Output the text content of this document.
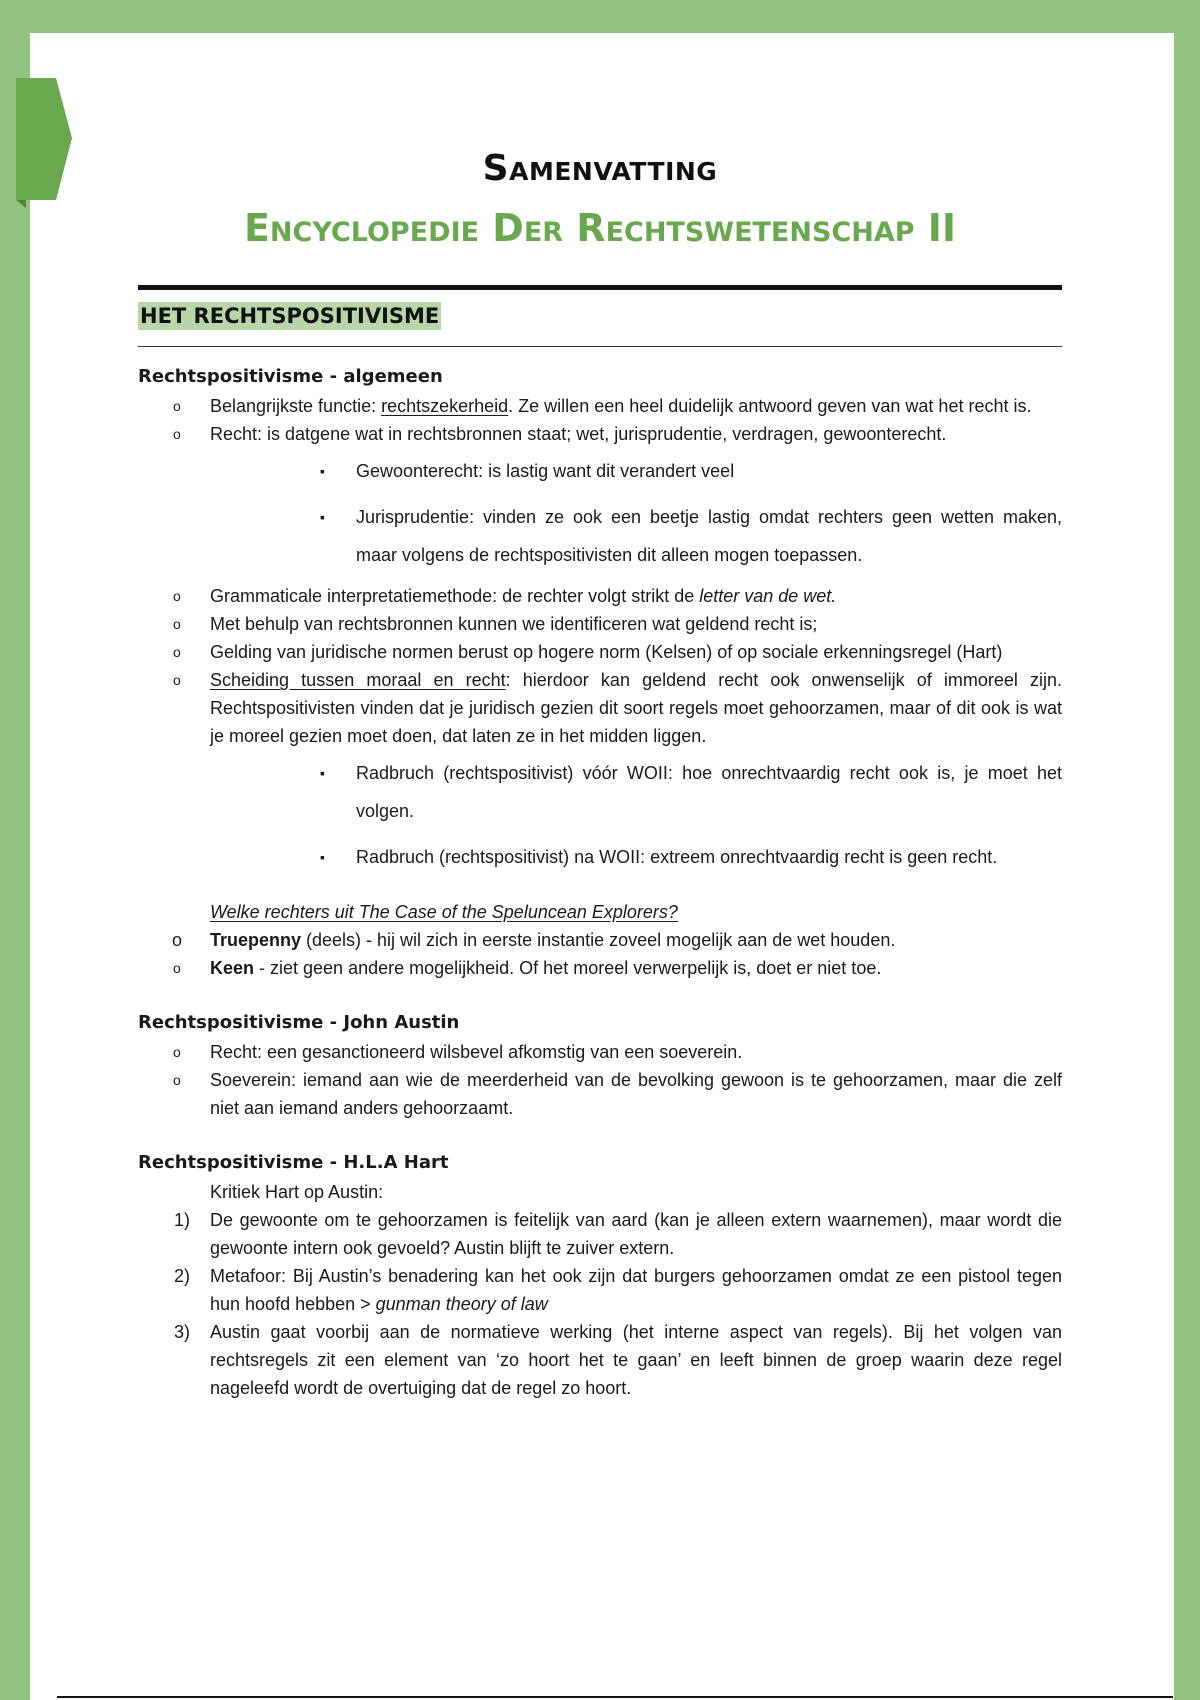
Samenvatting
Encyclopedie Der Rechtswetenschap II
HET RECHTSPOSITIVISME

Rechtspositivisme - algemeen

o Belangrijkste functie: rechtszekerheid. Ze willen een heel duidelijk antwoord geven van wat het recht is.
o Recht: is datgene wat in rechtsbronnen staat; wet, jurisprudentie, verdragen, gewoonterecht.
▪ Gewoonterecht: is lastig want dit verandert veel
▪ Jurisprudentie: vinden ze ook een beetje lastig omdat rechters geen wetten maken, maar volgens de rechtspositivisten dit alleen mogen toepassen.
o Grammaticale interpretatiemethode: de rechter volgt strikt de letter van de wet.
o Met behulp van rechtsbronnen kunnen we identificeren wat geldend recht is;
o Gelding van juridische normen berust op hogere norm (Kelsen) of op sociale erkenningsregel (Hart)
o Scheiding tussen moraal en recht: hierdoor kan geldend recht ook onwenselijk of immoreel zijn. Rechtspositivisten vinden dat je juridisch gezien dit soort regels moet gehoorzamen, maar of dit ook is wat je moreel gezien moet doen, dat laten ze in het midden liggen.
▪ Radbruch (rechtspositivist) vóór WOII: hoe onrechtvaardig recht ook is, je moet het volgen.
▪ Radbruch (rechtspositivist) na WOII: extreem onrechtvaardig recht is geen recht.
Welke rechters uit The Case of the Speluncean Explorers?
o Truepenny (deels) - hij wil zich in eerste instantie zoveel mogelijk aan de wet houden.
o Keen - ziet geen andere mogelijkheid. Of het moreel verwerpelijk is, doet er niet toe.

Rechtspositivisme - John Austin

o Recht: een gesanctioneerd wilsbevel afkomstig van een soeverein.
o Soeverein: iemand aan wie de meerderheid van de bevolking gewoon is te gehoorzamen, maar die zelf niet aan iemand anders gehoorzaamt.

Rechtspositivisme - H.L.A Hart

Kritiek Hart op Austin:
1) De gewoonte om te gehoorzamen is feitelijk van aard (kan je alleen extern waarnemen), maar wordt die gewoonte intern ook gevoeld? Austin blijft te zuiver extern.
2) Metafoor: Bij Austin’s benadering kan het ook zijn dat burgers gehoorzamen omdat ze een pistool tegen hun hoofd hebben > gunman theory of law
3) Austin gaat voorbij aan de normatieve werking (het interne aspect van regels). Bij het volgen van rechtsregels zit een element van ‘zo hoort het te gaan’ en leeft binnen de groep waarin deze regel nageleefd wordt de overtuiging dat de regel zo hoort.
